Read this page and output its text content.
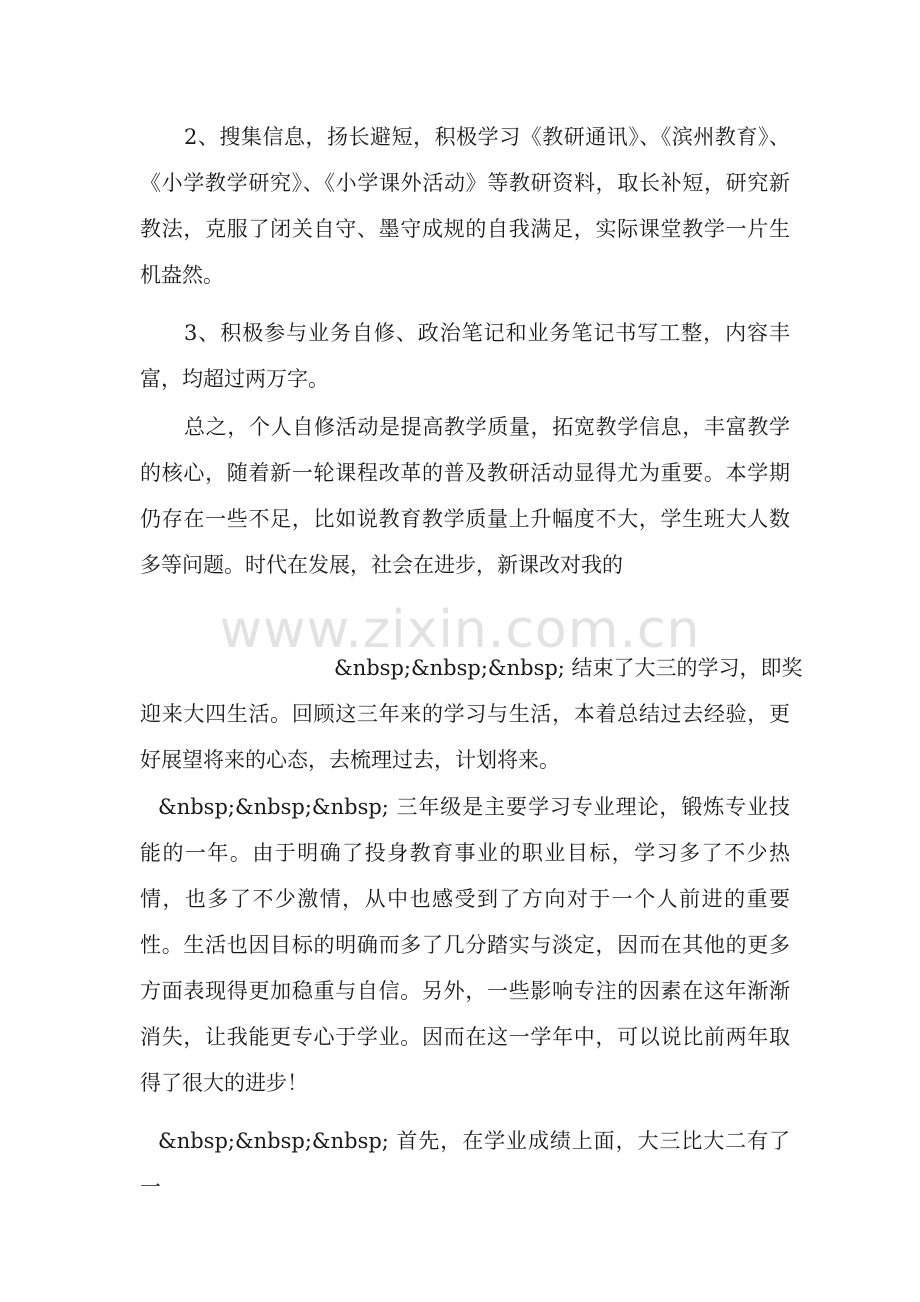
2、搜集信息，扬长避短，积极学习《教研通讯》、《滨州教育》、《小学教学研究》、《小学课外活动》等教研资料，取长补短，研究新教法，克服了闭关自守、墨守成规的自我满足，实际课堂教学一片生机盎然。

3、积极参与业务自修、政治笔记和业务笔记书写工整，内容丰富，均超过两万字。

总之，个人自修活动是提高教学质量，拓宽教学信息，丰富教学的核心，随着新一轮课程改革的普及教研活动显得尤为重要。本学期仍存在一些不足，比如说教育教学质量上升幅度不大，学生班大人数多等问题。时代在发展，社会在进步，新课改对我的

www.zixin.com.cn

&nbsp;&nbsp;&nbsp; 结束了大三的学习，即奖

迎来大四生活。回顾这三年来的学习与生活，本着总结过去经验，更好展望将来的心态，去梳理过去，计划将来。

&nbsp;&nbsp;&nbsp; 三年级是主要学习专业理论，锻炼专业技能的一年。由于明确了投身教育事业的职业目标，学习多了不少热情，也多了不少激情，从中也感受到了方向对于一个人前进的重要性。生活也因目标的明确而多了几分踏实与淡定，因而在其他的更多方面表现得更加稳重与自信。另外，一些影响专注的因素在这年渐渐消失，让我能更专心于学业。因而在这一学年中，可以说比前两年取得了很大的进步！

&nbsp;&nbsp;&nbsp; 首先，在学业成绩上面，大三比大二有了一
